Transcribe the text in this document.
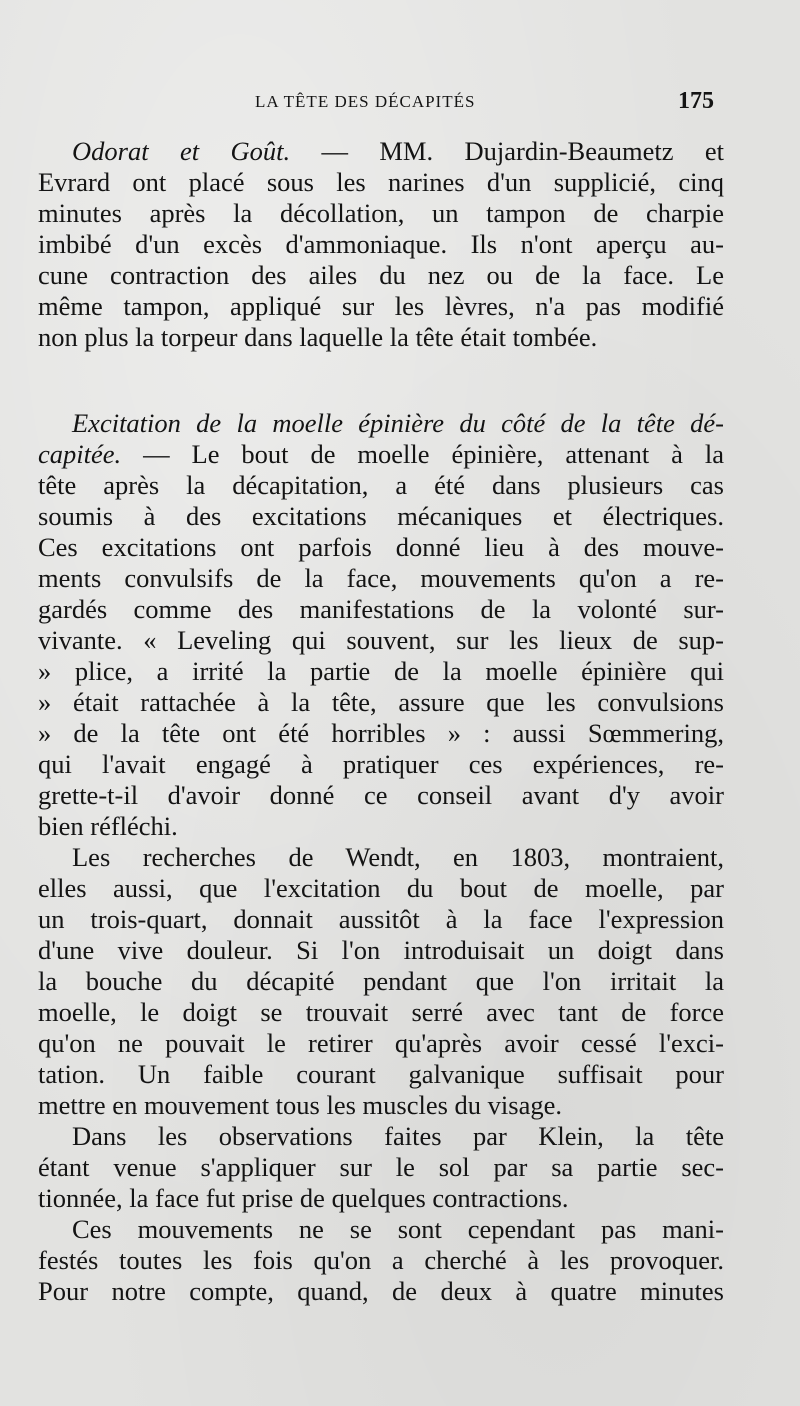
LA TÊTE DES DÉCAPITÉS	175
Odorat et Goût. — MM. Dujardin-Beaumetz et
Evrard ont placé sous les narines d'un supplicié, cinq
minutes après la décollation, un tampon de charpie
imbibé d'un excès d'ammoniaque. Ils n'ont aperçu au-
cune contraction des ailes du nez ou de la face. Le
même tampon, appliqué sur les lèvres, n'a pas modifié
non plus la torpeur dans laquelle la tête était tombée.
Excitation de la moelle épinière du côté de la tête dé-
capitée. — Le bout de moelle épinière, attenant à la
tête après la décapitation, a été dans plusieurs cas
soumis à des excitations mécaniques et électriques.
Ces excitations ont parfois donné lieu à des mouve-
ments convulsifs de la face, mouvements qu'on a re-
gardés comme des manifestations de la volonté sur-
vivante. « Leveling qui souvent, sur les lieux de sup-
» plice, a irrité la partie de la moelle épinière qui
» était rattachée à la tête, assure que les convulsions
» de la tête ont été horribles » : aussi Sœmmering,
qui l'avait engagé à pratiquer ces expériences, re-
grette-t-il d'avoir donné ce conseil avant d'y avoir
bien réfléchi.
Les recherches de Wendt, en 1803, montraient,
elles aussi, que l'excitation du bout de moelle, par
un trois-quart, donnait aussitôt à la face l'expression
d'une vive douleur. Si l'on introduisait un doigt dans
la bouche du décapité pendant que l'on irritait la
moelle, le doigt se trouvait serré avec tant de force
qu'on ne pouvait le retirer qu'après avoir cessé l'exci-
tation. Un faible courant galvanique suffisait pour
mettre en mouvement tous les muscles du visage.
Dans les observations faites par Klein, la tête
étant venue s'appliquer sur le sol par sa partie sec-
tionnée, la face fut prise de quelques contractions.
Ces mouvements ne se sont cependant pas mani-
festés toutes les fois qu'on a cherché à les provoquer.
Pour notre compte, quand, de deux à quatre minutes
